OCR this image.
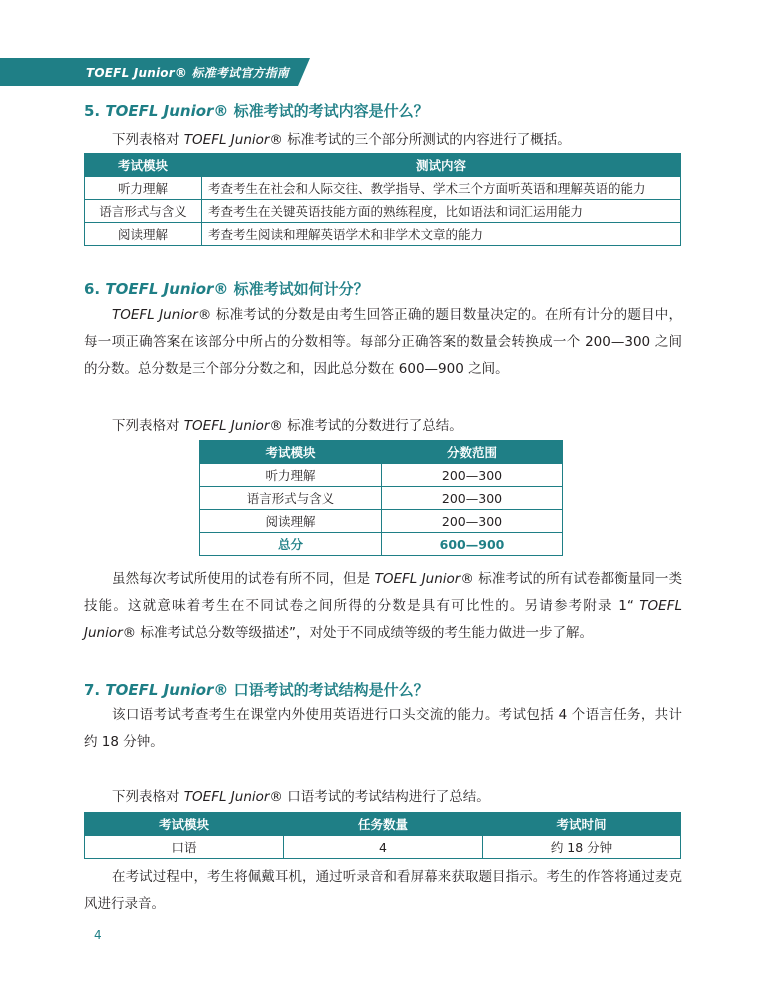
TOEFL Junior® 标准考试官方指南
5. TOEFL Junior® 标准考试的考试内容是什么？

下列表格对 TOEFL Junior® 标准考试的三个部分所测试的内容进行了概括。

考试模块	测试内容
听力理解	考查考生在社会和人际交往、教学指导、学术三个方面听英语和理解英语的能力
语言形式与含义	考查考生在关键英语技能方面的熟练程度，比如语法和词汇运用能力
阅读理解	考查考生阅读和理解英语学术和非学术文章的能力
6. TOEFL Junior® 标准考试如何计分？

TOEFL Junior® 标准考试的分数是由考生回答正确的题目数量决定的。在所有计分的题目中，每一项正确答案在该部分中所占的分数相等。每部分正确答案的数量会转换成一个 200—300 之间的分数。总分数是三个部分分数之和，因此总分数在 600—900 之间。

下列表格对 TOEFL Junior® 标准考试的分数进行了总结。

考试模块	分数范围
听力理解	200—300
语言形式与含义	200—300
阅读理解	200—300
总分	600—900

虽然每次考试所使用的试卷有所不同，但是 TOEFL Junior® 标准考试的所有试卷都衡量同一类技能。这就意味着考生在不同试卷之间所得的分数是具有可比性的。另请参考附录 1“ TOEFL Junior® 标准考试总分数等级描述”，对处于不同成绩等级的考生能力做进一步了解。

7. TOEFL Junior® 口语考试的考试结构是什么？

该口语考试考查考生在课堂内外使用英语进行口头交流的能力。考试包括 4 个语言任务，共计约 18 分钟。

下列表格对 TOEFL Junior® 口语考试的考试结构进行了总结。

考试模块	任务数量	考试时间
口语	4	约 18 分钟

在考试过程中，考生将佩戴耳机，通过听录音和看屏幕来获取题目指示。考生的作答将通过麦克风进行录音。

4
